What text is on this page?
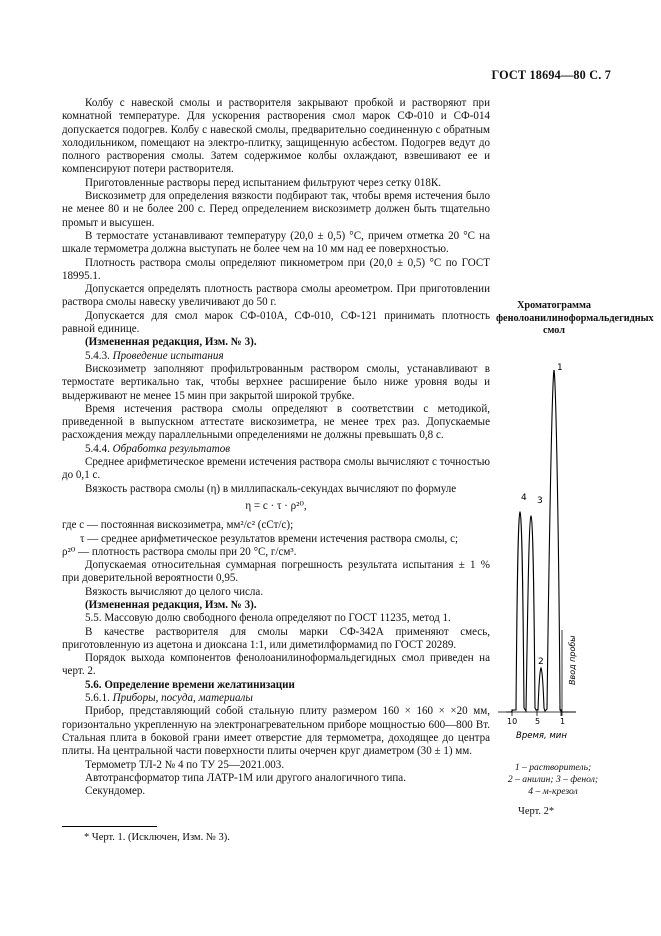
ГОСТ 18694—80 С. 7

Колбу с навеской смолы и растворителя закрывают пробкой и растворяют при комнатной температуре. Для ускорения растворения смол марок СФ-010 и СФ-014 допускается подогрев. Колбу с навеской смолы, предварительно соединенную с обратным холодильником, помещают на электро-плитку, защищенную асбестом. Подогрев ведут до полного растворения смолы. Затем содержимое колбы охлаждают, взвешивают ее и компенсируют потери растворителя.

Приготовленные растворы перед испытанием фильтруют через сетку 018К.

Вискозиметр для определения вязкости подбирают так, чтобы время истечения было не менее 80 и не более 200 с. Перед определением вискозиметр должен быть тщательно промыт и высушен.

В термостате устанавливают температуру (20,0 ± 0,5) °С, причем отметка 20 °С на шкале термометра должна выступать не более чем на 10 мм над ее поверхностью.

Плотность раствора смолы определяют пикнометром при (20,0 ± 0,5) °С по ГОСТ 18995.1.

Допускается определять плотность раствора смолы ареометром. При приготовлении раствора смолы навеску увеличивают до 50 г.

Допускается для смол марок СФ-010А, СФ-010, СФ-121 принимать плотность равной единице.

(Измененная редакция, Изм. № 3).

5.4.3. Проведение испытания

Вискозиметр заполняют профильтрованным раствором смолы, устанавливают в термостате вертикально так, чтобы верхнее расширение было ниже уровня воды и выдерживают не менее 15 мин при закрытой широкой трубке.

Время истечения раствора смолы определяют в соответствии с методикой, приведенной в выпускном аттестате вискозиметра, не менее трех раз. Допускаемые расхождения между параллельными определениями не должны превышать 0,8 с.

5.4.4. Обработка результатов

Среднее арифметическое времени истечения раствора смолы вычисляют с точностью до 0,1 с.

Вязкость раствора смолы (η) в миллипаскаль-секундах вычисляют по формуле

η = c · τ · ρ²⁰,

где c — постоянная вискозиметра, мм²/с² (сСт/с);

τ — среднее арифметическое результатов времени истечения раствора смолы, с;

ρ²⁰ — плотность раствора смолы при 20 °С, г/см³.

Допускаемая относительная суммарная погрешность результата испытания ± 1 % при доверительной вероятности 0,95.

Вязкость вычисляют до целого числа.

(Измененная редакция, Изм. № 3).

5.5. Массовую долю свободного фенола определяют по ГОСТ 11235, метод 1.

В качестве растворителя для смолы марки СФ-342А применяют смесь, приготовленную из ацетона и диоксана 1:1, или диметилформамид по ГОСТ 20289.

Порядок выхода компонентов фенолоанилиноформальдегидных смол приведен на черт. 2.

5.6. Определение времени желатинизации

5.6.1. Приборы, посуда, материалы

Прибор, представляющий собой стальную плиту размером 160 × 160 × ×20 мм, горизонтально укрепленную на электронагревательном приборе мощностью 600—800 Вт. Стальная плита в боковой грани имеет отверстие для термометра, доходящее до центра плиты. На центральной части поверхности плиты очерчен круг диаметром (30 ± 1) мм.

Термометр ТЛ-2 № 4 по ТУ 25—2021.003.

Автотрансформатор типа ЛАТР-1М или другого аналогичного типа.

Секундомер.

* Черт. 1. (Исключен, Изм. № 3).
Хроматограмма фенолоанилиноформальдегидных смол
1
2
3
4
Ввод пробы
10 5 1
Время, мин
1 – растворитель;
2 – анилин; 3 – фенол;
4 – м-крезол
Черт. 2*
